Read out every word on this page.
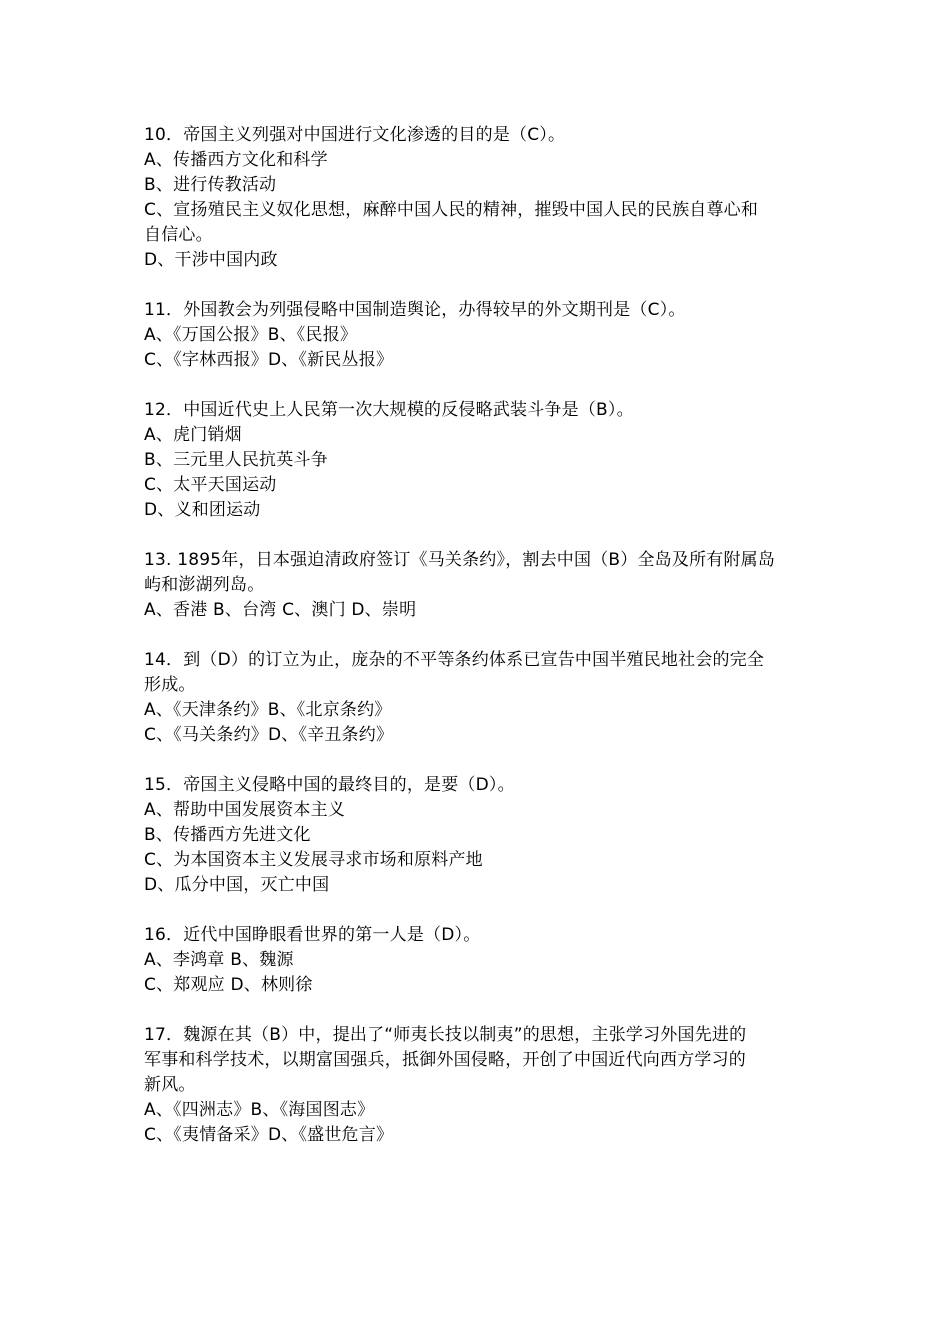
10．帝国主义列强对中国进行文化渗透的目的是（C）。
A、传播西方文化和科学
B、进行传教活动
C、宣扬殖民主义奴化思想，麻醉中国人民的精神，摧毁中国人民的民族自尊心和
自信心。
D、干涉中国内政
11．外国教会为列强侵略中国制造舆论，办得较早的外文期刊是（C）。
A、《万国公报》B、《民报》
C、《字林西报》D、《新民丛报》
12．中国近代史上人民第一次大规模的反侵略武装斗争是（B）。
A、虎门销烟
B、三元里人民抗英斗争
C、太平天国运动
D、义和团运动
13. 1895年，日本强迫清政府签订《马关条约》，割去中国（B）全岛及所有附属岛
屿和澎湖列岛。
A、香港 B、台湾 C、澳门 D、崇明
14．到（D）的订立为止，庞杂的不平等条约体系已宣告中国半殖民地社会的完全
形成。
A、《天津条约》B、《北京条约》
C、《马关条约》D、《辛丑条约》
15．帝国主义侵略中国的最终目的，是要（D）。
A、帮助中国发展资本主义
B、传播西方先进文化
C、为本国资本主义发展寻求市场和原料产地
D、瓜分中国，灭亡中国
16．近代中国睁眼看世界的第一人是（D）。
A、李鸿章 B、魏源
C、郑观应 D、林则徐
17．魏源在其（B）中，提出了“师夷长技以制夷”的思想，主张学习外国先进的
军事和科学技术，以期富国强兵，抵御外国侵略，开创了中国近代向西方学习的
新风。
A、《四洲志》B、《海国图志》
C、《夷情备采》D、《盛世危言》
